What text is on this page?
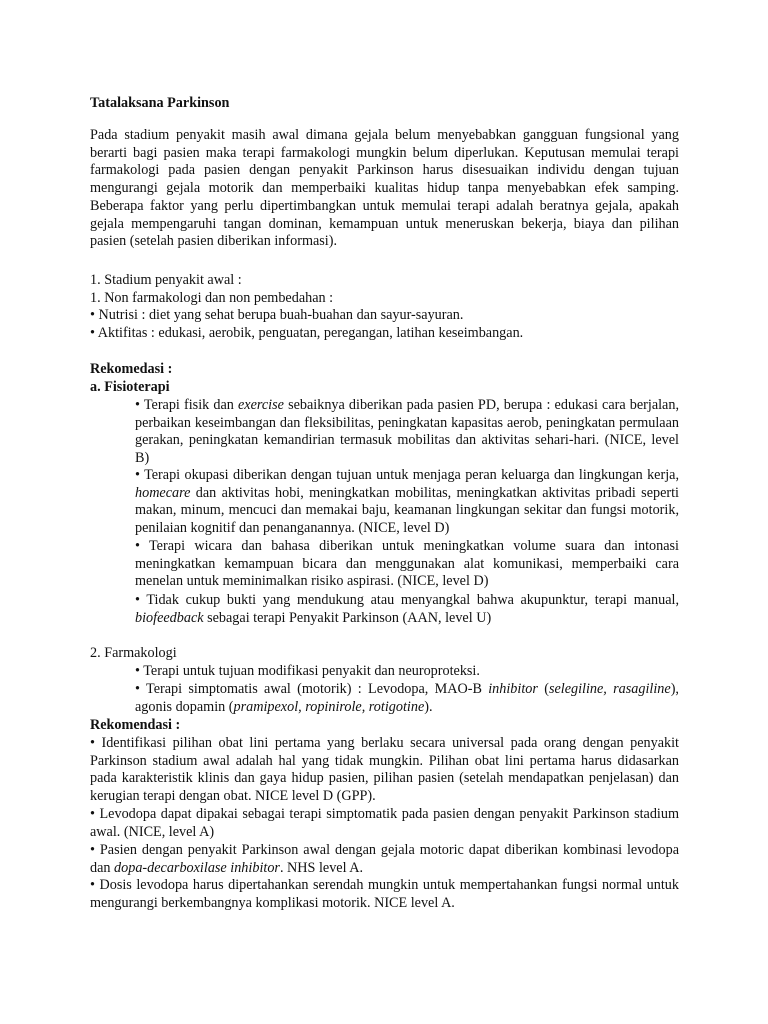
Tatalaksana Parkinson

Pada stadium penyakit masih awal dimana gejala belum menyebabkan gangguan fungsional yang berarti bagi pasien maka terapi farmakologi mungkin belum diperlukan. Keputusan memulai terapi farmakologi pada pasien dengan penyakit Parkinson harus disesuaikan individu dengan tujuan mengurangi gejala motorik dan memperbaiki kualitas hidup tanpa menyebabkan efek samping. Beberapa faktor yang perlu dipertimbangkan untuk memulai terapi adalah beratnya gejala, apakah gejala mempengaruhi tangan dominan, kemampuan untuk meneruskan bekerja, biaya dan pilihan pasien (setelah pasien diberikan informasi).

1. Stadium penyakit awal :
1. Non farmakologi dan non pembedahan :
• Nutrisi : diet yang sehat berupa buah-buahan dan sayur-sayuran.
• Aktifitas : edukasi, aerobik, penguatan, peregangan, latihan keseimbangan.
Rekomedasi :
a. Fisioterapi

• Terapi fisik dan exercise sebaiknya diberikan pada pasien PD, berupa : edukasi cara berjalan, perbaikan keseimbangan dan fleksibilitas, peningkatan kapasitas aerob, peningkatan permulaan gerakan, peningkatan kemandirian termasuk mobilitas dan aktivitas sehari-hari. (NICE, level B)

• Terapi okupasi diberikan dengan tujuan untuk menjaga peran keluarga dan lingkungan kerja, homecare dan aktivitas hobi, meningkatkan mobilitas, meningkatkan aktivitas pribadi seperti makan, minum, mencuci dan memakai baju, keamanan lingkungan sekitar dan fungsi motorik, penilaian kognitif dan penanganannya. (NICE, level D)

• Terapi wicara dan bahasa diberikan untuk meningkatkan volume suara dan intonasi meningkatkan kemampuan bicara dan menggunakan alat komunikasi, memperbaiki cara menelan untuk meminimalkan risiko aspirasi. (NICE, level D)

• Tidak cukup bukti yang mendukung atau menyangkal bahwa akupunktur, terapi manual, biofeedback sebagai terapi Penyakit Parkinson (AAN, level U)

2. Farmakologi

• Terapi untuk tujuan modifikasi penyakit dan neuroproteksi.

• Terapi simptomatis awal (motorik) : Levodopa, MAO-B inhibitor (selegiline, rasagiline), agonis dopamin (pramipexol, ropinirole, rotigotine).

Rekomendasi :

• Identifikasi pilihan obat lini pertama yang berlaku secara universal pada orang dengan penyakit Parkinson stadium awal adalah hal yang tidak mungkin. Pilihan obat lini pertama harus didasarkan pada karakteristik klinis dan gaya hidup pasien, pilihan pasien (setelah mendapatkan penjelasan) dan kerugian terapi dengan obat. NICE level D (GPP).

• Levodopa dapat dipakai sebagai terapi simptomatik pada pasien dengan penyakit Parkinson stadium awal. (NICE, level A)

• Pasien dengan penyakit Parkinson awal dengan gejala motoric dapat diberikan kombinasi levodopa dan dopa-decarboxilase inhibitor. NHS level A.

• Dosis levodopa harus dipertahankan serendah mungkin untuk mempertahankan fungsi normal untuk mengurangi berkembangnya komplikasi motorik. NICE level A.
